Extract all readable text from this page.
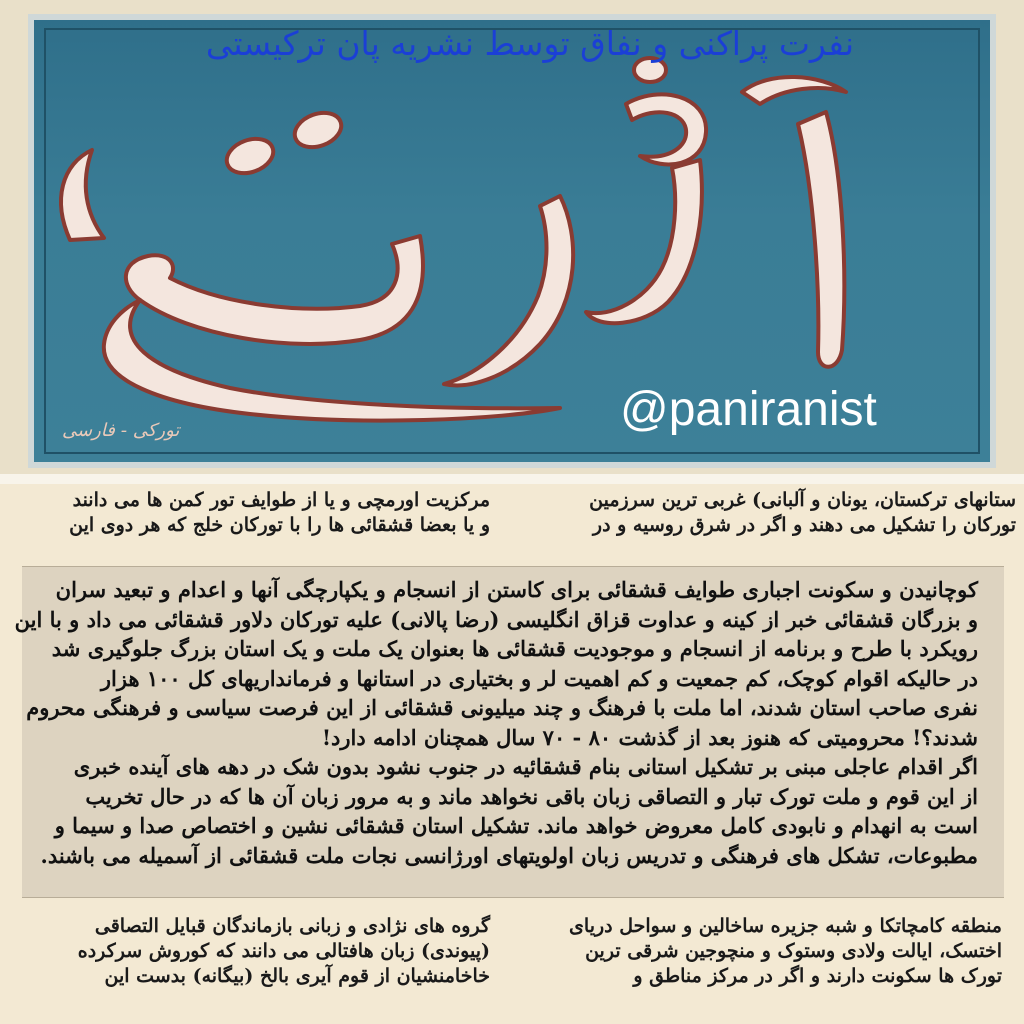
نفرت پراکنی و نفاق توسط نشریه پان ترکیستی
@paniranist
تورکی - فارسی
ستانهای ترکستان، یونان و آلبانی) غربی ترین سرزمین
تورکان را تشکیل می دهند و اگر در شرق روسیه و در
مرکزیت اورمچی و یا از طوایف تور کمن ها می دانند
و یا بعضا قشقائی ها را با تورکان خلج که هر دوی این
کوچانیدن و سکونت اجباری طوایف قشقائی برای کاستن از انسجام و یکپارچگی آنها و اعدام و تبعید سران
و بزرگان قشقائی خبر از کینه و عداوت قزاق انگلیسی (رضا پالانی) علیه تورکان دلاور قشقائی می داد و با این
رویکرد با طرح و برنامه از انسجام و موجودیت قشقائی ها بعنوان یک ملت و یک استان بزرگ جلوگیری شد
در حالیکه اقوام کوچک، کم جمعیت و کم اهمیت لر و بختیاری در استانها و فرمانداریهای کل ۱۰۰ هزار
نفری صاحب استان شدند، اما ملت با فرهنگ و چند میلیونی قشقائی از این فرصت سیاسی و فرهنگی محروم
شدند؟! محرومیتی که هنوز بعد از گذشت ۸۰ - ۷۰ سال همچنان ادامه دارد!
اگر اقدام عاجلی مبنی بر تشکیل استانی بنام قشقائیه در جنوب نشود بدون شک در دهه های آینده خبری
از این قوم و ملت تورک تبار و التصاقی زبان باقی نخواهد ماند و به مرور زبان آن ها که در حال تخریب
است به انهدام و نابودی کامل معروض خواهد ماند. تشکیل استان قشقائی نشین و اختصاص صدا و سیما و
مطبوعات، تشکل های فرهنگی و تدریس زبان اولویتهای اورژانسی نجات ملت قشقائی از آسمیله می باشند.
منطقه کامچاتکا و شبه جزیره ساخالین و سواحل دریای
اختسک، ایالت ولادی وستوک و منچوجین شرقی ترین
تورک ها سکونت دارند و اگر در مرکز مناطق و
گروه های نژادی و زبانی بازماندگان قبایل التصاقی
(پیوندی) زبان هافتالی می دانند که کوروش سرکرده
خاخامنشیان از قوم آیری بالخ (بیگانه) بدست این
